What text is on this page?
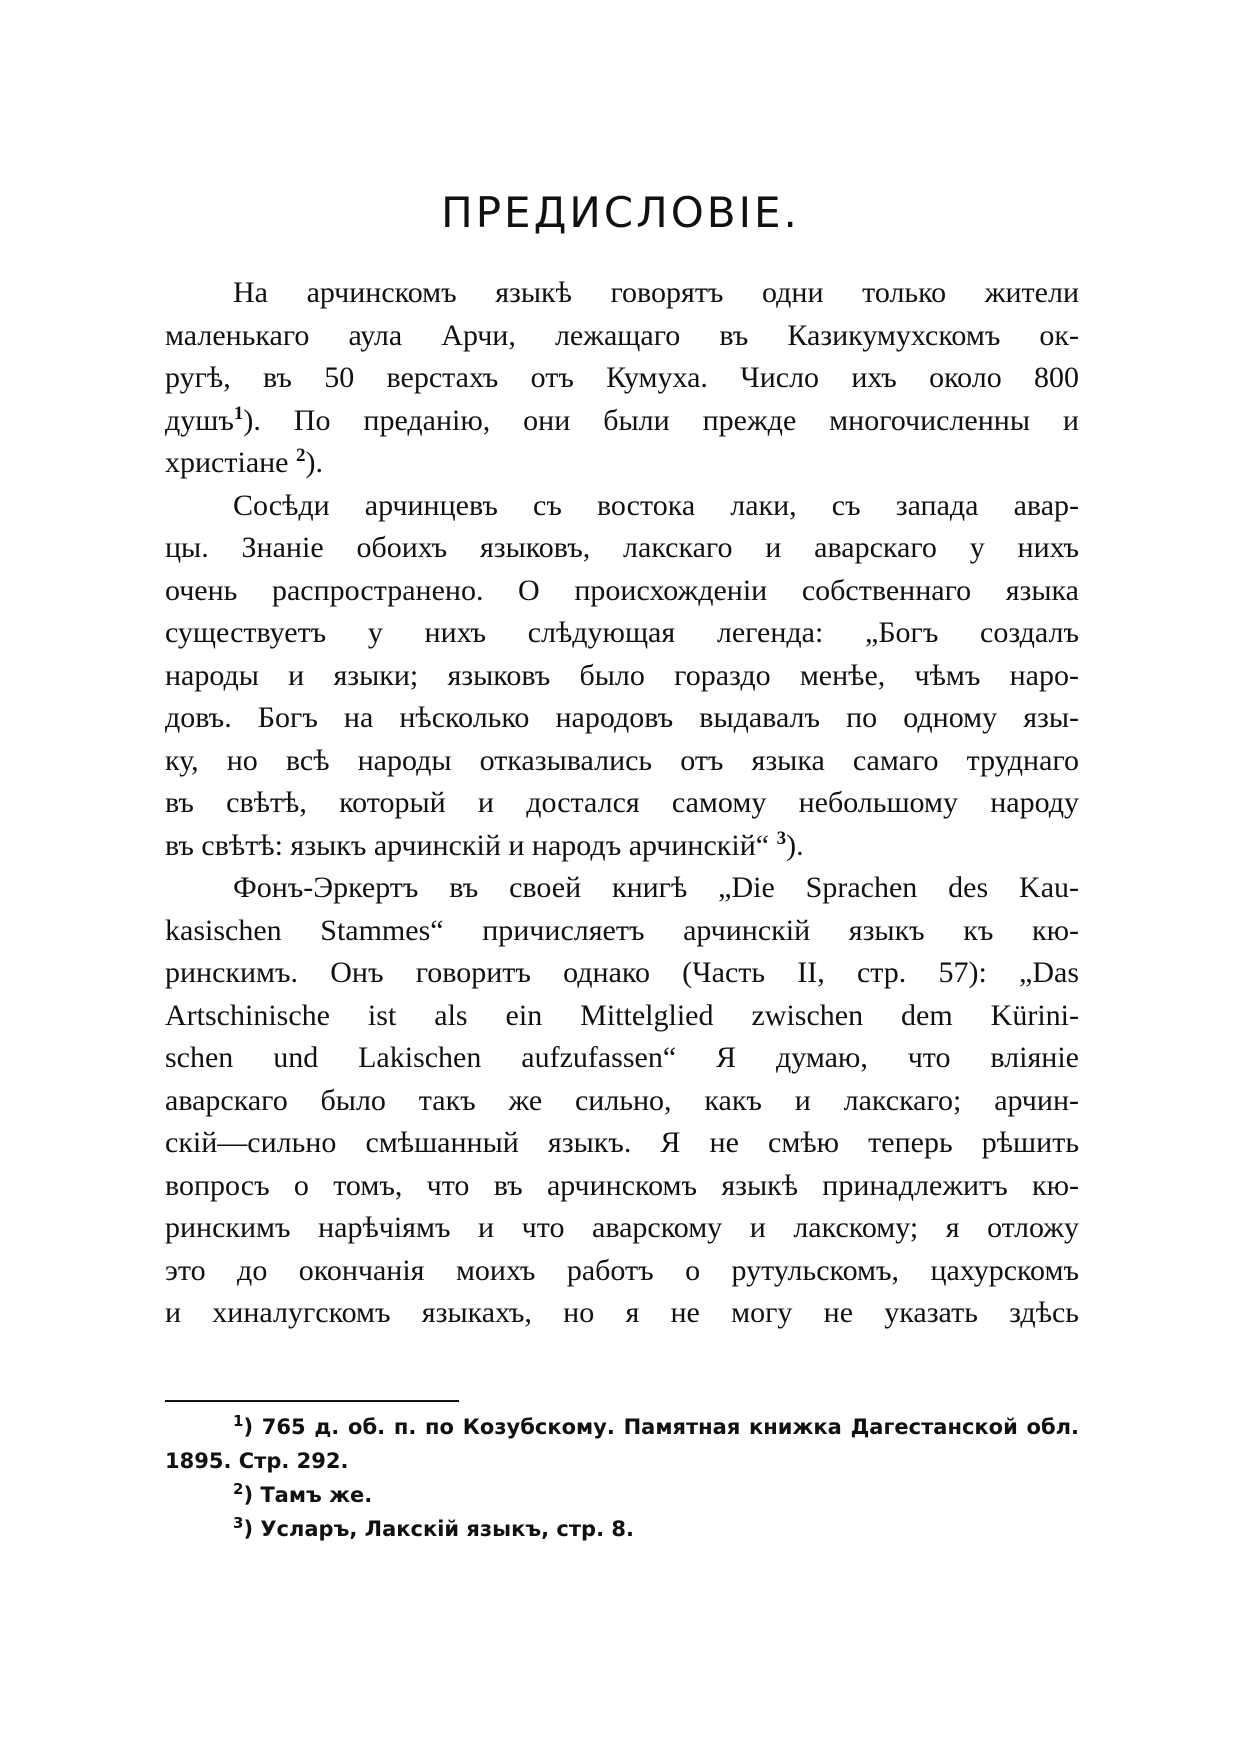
ПРЕДИСЛОВІЕ.

На арчинскомъ языкѣ говорятъ одни только жители
маленькаго аула Арчи, лежащаго въ Казикумухскомъ ок-
ругѣ, въ 50 верстахъ отъ Кумуха. Число ихъ около 800
душъ$^1$). По преданію, они были прежде многочисленны и
христіане $^2$).

Сосѣди арчинцевъ съ востока лаки, съ запада авар-
цы. Знаніе обоихъ языковъ, лакскаго и аварскаго у нихъ
очень распространено. О происхожденіи собственнаго языка
существуетъ у нихъ слѣдующая легенда: „Богъ создалъ
народы и языки; языковъ было гораздо менѣе, чѣмъ наро-
довъ. Богъ на нѣсколько народовъ выдавалъ по одному язы-
ку, но всѣ народы отказывались отъ языка самаго труднаго
въ свѣтѣ, который и достался самому небольшому народу
въ свѣтѣ: языкъ арчинскій и народъ арчинскій“ $^3$).

Фонъ-Эркертъ въ своей книгѣ „Die Sprachen des Kau-
kasischen Stammes“ причисляетъ арчинскій языкъ къ кю-
ринскимъ. Онъ говоритъ однако (Часть II, стр. 57): „Das
Artschinische ist als ein Mittelglied zwischen dem Kürini-
schen und Lakischen aufzufassen“ Я думаю, что вліяніе
аварскаго было такъ же сильно, какъ и лакскаго; арчин-
скій—сильно смѣшанный языкъ. Я не смѣю теперь рѣшить
вопросъ о томъ, что въ арчинскомъ языкѣ принадлежитъ кю-
ринскимъ нарѣчіямъ и что аварскому и лакскому; я отложу
это до окончанія моихъ работъ о рутульскомъ, цахурскомъ
и хиналугскомъ языкахъ, но я не могу не указать здѣсь

$^1$) 765 д. об. п. по Козубскому. Памятная книжка Дагестанской обл.
1895. Стр. 292.
$^2$) Тамъ же.
$^3$) Усларъ, Лакскій языкъ, стр. 8.
